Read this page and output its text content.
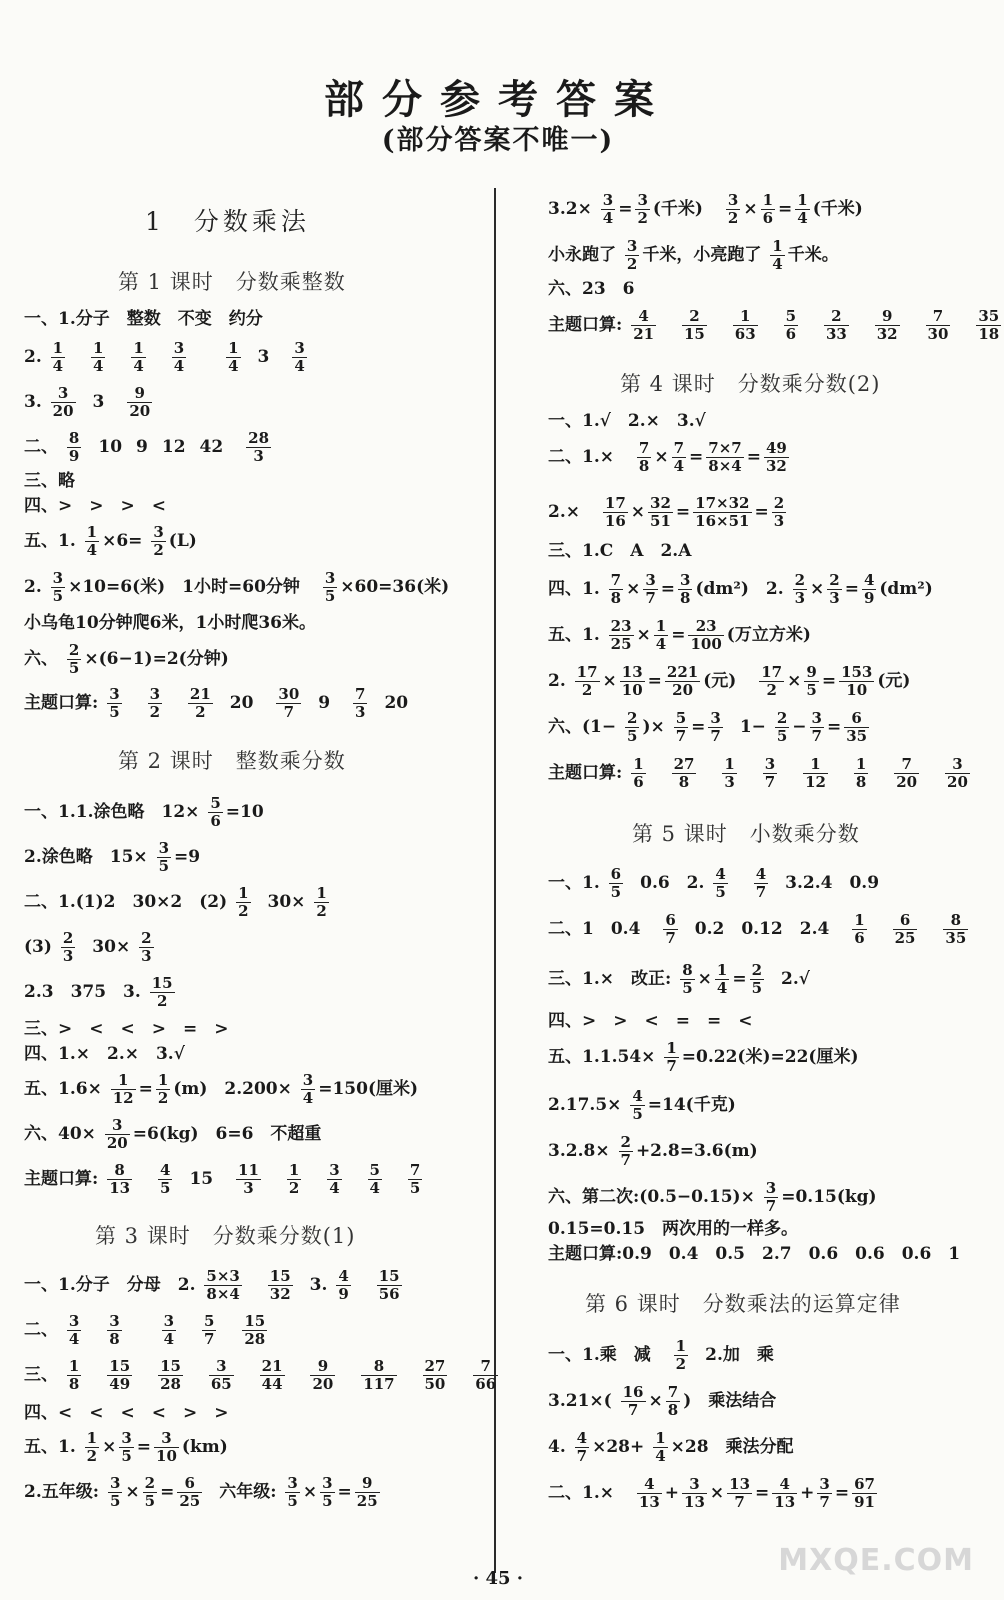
部分参考答案
(部分答案不唯一)
1　分数乘法
第 1 课时　分数乘整数
一、1.分子　整数　不变　约分
2. $\frac{1}{4}$
$\frac{1}{4}$
$\frac{1}{4}$
$\frac{3}{4}$
	$\frac{1}{4} 3 \frac{3}{4}$
3. $\frac{3}{20} 3 \frac{9}{20}$
二、 $\frac{8}{9} 10$ 9 12 $42 \frac{28}{3}$
三、略
四、>　>　>　<
五、1. $\frac{1}{4} \times 6= \frac{3}{2} (L)$
2. $\frac{3}{5} \times 10=6$(米)　1小时=60分钟 $\frac{3}{5} \times 60=36$(米)
小乌龟10分钟爬6米，1小时爬36米。
六、 $\frac{2}{5} \times(6-1)=2$(分钟)
主题口算: $\frac{3}{5}$
$\frac{3}{2}$
$\frac{21}{2} 20 \frac{30}{7} 9 \frac{7}{3} 20$
第 2 课时　整数乘分数
一、1.1.涂色略　$12\times \frac{5}{6} =10$
2.涂色略　$15\times \frac{3}{5} =9$
二、1.(1)2　30×2　$(2) \frac{1}{2} 30\times \frac{1}{2}$
$(3) \frac{2}{3} 30\times \frac{2}{3}$
2.3　375　3. $\frac{15}{2}$
三、>　<　<　>　=　>
四、1.×　2.×　3.√
五、$1.6\times \frac{1}{12} = \frac{1}{2} (m)$　$2.200\times \frac{3}{4} =150$(厘米)
六、$40\times \frac{3}{20} =6(kg)$　6=6　不超重
主题口算: $\frac{8}{13}$
$\frac{4}{5} 15 \frac{11}{3}$
$\frac{1}{2}$
$\frac{3}{4}$
$\frac{5}{4}$
$\frac{7}{5}$
第 3 课时　分数乘分数(1)
一、1.分子　分母　2. $\frac{5\times 3}{8\times 4}$
$\frac{15}{32} 3$. $\frac{4}{9}$
$\frac{15}{56}$
二、 $\frac{3}{4}$
$\frac{3}{8}$
	$\frac{3}{4}$
$\frac{5}{7}$
$\frac{15}{28}$
三、 $\frac{1}{8}$
$\frac{15}{49}$
$\frac{15}{28}$
$\frac{3}{65}$
$\frac{21}{44}$
$\frac{9}{20}$
$\frac{8}{117}$
$\frac{27}{50}$
$\frac{7}{66}$
四、<　<　<　<　>　>
五、1. $\frac{1}{2} \times \frac{3}{5} = \frac{3}{10} (km)$
2.五年级: $\frac{3}{5} \times \frac{2}{5} = \frac{6}{25}$ 六年级: $\frac{3}{5} \times \frac{3}{5} = \frac{9}{25}$
$3.2\times \frac{3}{4} = \frac{3}{2}$ (千米) $\frac{3}{2} \times \frac{1}{6} = \frac{1}{4}$ (千米)
小永跑了 $\frac{3}{2}$ 千米，小亮跑了 $\frac{1}{4}$ 千米。
六、23　6
主题口算: $\frac{4}{21}$
$\frac{2}{15}$
$\frac{1}{63}$
$\frac{5}{6}$
$\frac{2}{33}$
$\frac{9}{32}$
$\frac{7}{30}$
$\frac{35}{18}$
第 4 课时　分数乘分数(2)
一、1.√　2.×　3.√
二、$1.\times \frac{7}{8} \times \frac{7}{4} = \frac{7\times 7}{8\times 4} = \frac{49}{32}$
$2.\times \frac{17}{16} \times \frac{32}{51} = \frac{17\times 32}{16\times 51} = \frac{2}{3}$
三、1.C　A　2.A
四、1. $\frac{7}{8} \times \frac{3}{7} = \frac{3}{8} (dm^2)$　2. $\frac{2}{3} \times \frac{2}{3} = \frac{4}{9} (dm^2)$
五、1. $\frac{23}{25} \times \frac{1}{4} = \frac{23}{100}$ (万立方米)
2. $\frac{17}{2} \times \frac{13}{10} = \frac{221}{20}$ (元) $\frac{17}{2} \times \frac{9}{5} = \frac{153}{10}$ (元)
六、($1- \frac{2}{5}$ )× $\frac{5}{7} = \frac{3}{7} 1- \frac{2}{5} - \frac{3}{7} = \frac{6}{35}$
主题口算: $\frac{1}{6}$
$\frac{27}{8}$
$\frac{1}{3}$
$\frac{3}{7}$
$\frac{1}{12}$
$\frac{1}{8}$
$\frac{7}{20}$
$\frac{3}{20}$
第 5 课时　小数乘分数
一、1. $\frac{6}{5} 0.6$　2. $\frac{4}{5}$
$\frac{4}{7} 3.2.4$　0.9
二、1　$0.4 \frac{6}{7} 0.2$　0.12　$2.4 \frac{1}{6}$
$\frac{6}{25}$
$\frac{8}{35}$
三、1.×　改正: $\frac{8}{5} \times \frac{1}{4} = \frac{2}{5} 2.√$
四、>　>　<　=　=　<
五、$1.1.54\times \frac{1}{7} =0.22$(米)=22(厘米)
$2.17.5\times \frac{4}{5} =14$(千克)
$3.2.8\times \frac{2}{7} +2.8=3.6(m)$
六、第二次:(0.5−0.15)× $\frac{3}{7} =0.15(kg)$
0.15=0.15　两次用的一样多。
主题口算:0.9　0.4　0.5　2.7　0.6　0.6　0.6　1
第 6 课时　分数乘法的运算定律
一、1.乘　减 $\frac{1}{2} 2$.加　乘
$3.21\times( \frac{16}{7} \times \frac{7}{8}$ )　乘法结合
4. $\frac{4}{7} \times 28+ \frac{1}{4} \times 28$　乘法分配
二、$1.\times \frac{4}{13} + \frac{3}{13} \times \frac{13}{7} = \frac{4}{13} + \frac{3}{7} = \frac{67}{91}$
· 45 ·
MXQE.COM
